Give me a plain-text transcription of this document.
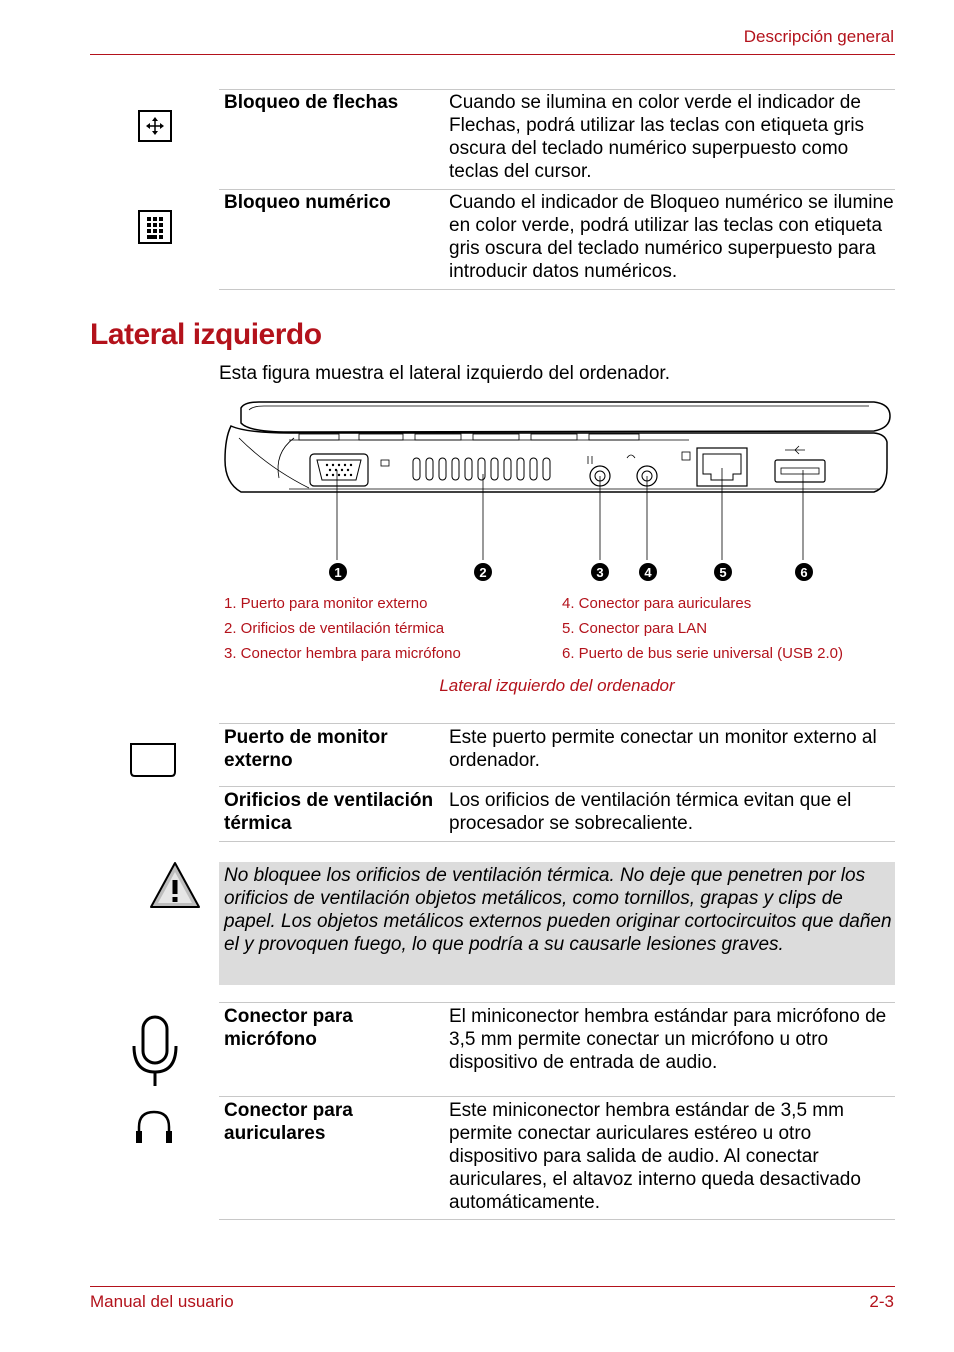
Descripción general
Bloqueo de flechas	Cuando se ilumina en color verde el indicador de Flechas, podrá utilizar las teclas con etiqueta gris oscura del teclado numérico superpuesto como teclas del cursor.
Bloqueo numérico	Cuando el indicador de Bloqueo numérico se ilumine en color verde, podrá utilizar las teclas con etiqueta gris oscura del teclado numérico superpuesto para introducir datos numéricos.
Lateral izquierdo
Esta figura muestra el lateral izquierdo del ordenador.
1	2	3	4	5	6
1. Puerto para monitor externo
2. Orificios de ventilación térmica
3. Conector hembra para micrófono
4. Conector para auriculares
5. Conector para LAN
6. Puerto de bus serie universal (USB 2.0)
Lateral izquierdo del ordenador
Puerto de monitor externo
Este puerto permite conectar un monitor externo al ordenador.
Orificios de ventilación térmica
Los orificios de ventilación térmica evitan que el procesador se sobrecaliente.
No bloquee los orificios de ventilación térmica. No deje que penetren por los orificios de ventilación objetos metálicos, como tornillos, grapas y clips de papel. Los objetos metálicos externos pueden originar cortocircuitos que dañen el y provoquen fuego, lo que podría a su causarle lesiones graves.
Conector para micrófono
El miniconector hembra estándar para micrófono de 3,5 mm permite conectar un micrófono u otro dispositivo de entrada de audio.
Conector para auriculares
Este miniconector hembra estándar de 3,5 mm permite conectar auriculares estéreo u otro dispositivo para salida de audio. Al conectar auriculares, el altavoz interno queda desactivado automáticamente.
Manual del usuario	2-3
